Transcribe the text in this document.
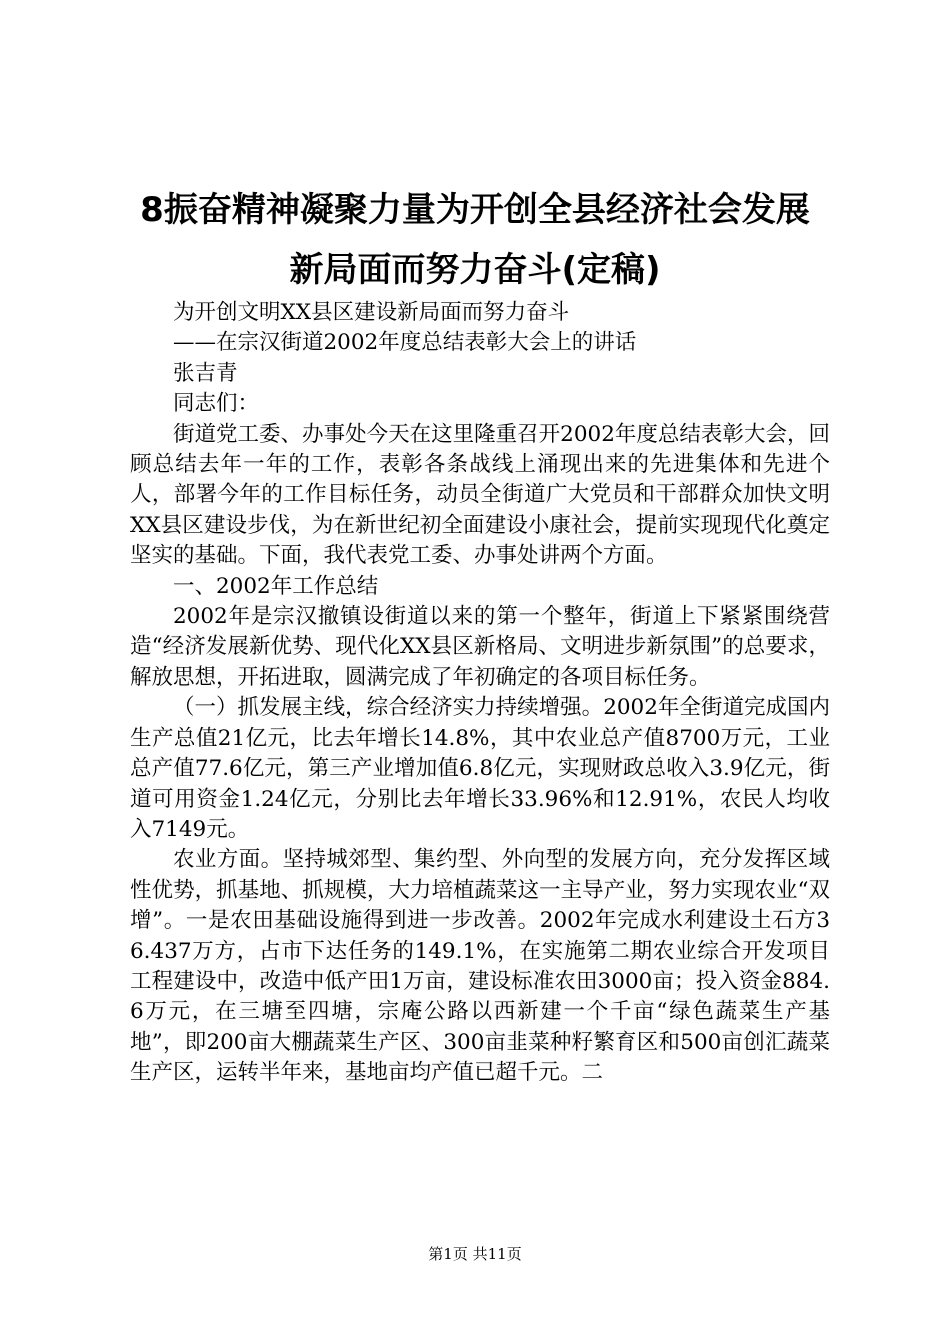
8振奋精神凝聚力量为开创全县经济社会发展
新局面而努力奋斗(定稿)

为开创文明XX县区建设新局面而努力奋斗

——在宗汉街道2002年度总结表彰大会上的讲话

张吉青

同志们：

街道党工委、办事处今天在这里隆重召开2002年度总结表彰大会，回顾总结去年一年的工作，表彰各条战线上涌现出来的先进集体和先进个人，部署今年的工作目标任务，动员全街道广大党员和干部群众加快文明XX县区建设步伐，为在新世纪初全面建设小康社会，提前实现现代化奠定坚实的基础。下面，我代表党工委、办事处讲两个方面。

一、2002年工作总结

2002年是宗汉撤镇设街道以来的第一个整年，街道上下紧紧围绕营造“经济发展新优势、现代化XX县区新格局、文明进步新氛围”的总要求，解放思想，开拓进取，圆满完成了年初确定的各项目标任务。

（一）抓发展主线，综合经济实力持续增强。2002年全街道完成国内生产总值21亿元，比去年增长14.8%，其中农业总产值8700万元，工业总产值77.6亿元，第三产业增加值6.8亿元，实现财政总收入3.9亿元，街道可用资金1.24亿元，分别比去年增长33.96%和12.91%，农民人均收入7149元。

农业方面。坚持城郊型、集约型、外向型的发展方向，充分发挥区域性优势，抓基地、抓规模，大力培植蔬菜这一主导产业，努力实现农业“双增”。一是农田基础设施得到进一步改善。2002年完成水利建设土石方36.437万方，占市下达任务的149.1%，在实施第二期农业综合开发项目工程建设中，改造中低产田1万亩，建设标准农田3000亩；投入资金884.6万元，在三塘至四塘，宗庵公路以西新建一个千亩“绿色蔬菜生产基地”，即200亩大棚蔬菜生产区、300亩韭菜种籽繁育区和500亩创汇蔬菜生产区，运转半年来，基地亩均产值已超千元。二

第1页 共11页
